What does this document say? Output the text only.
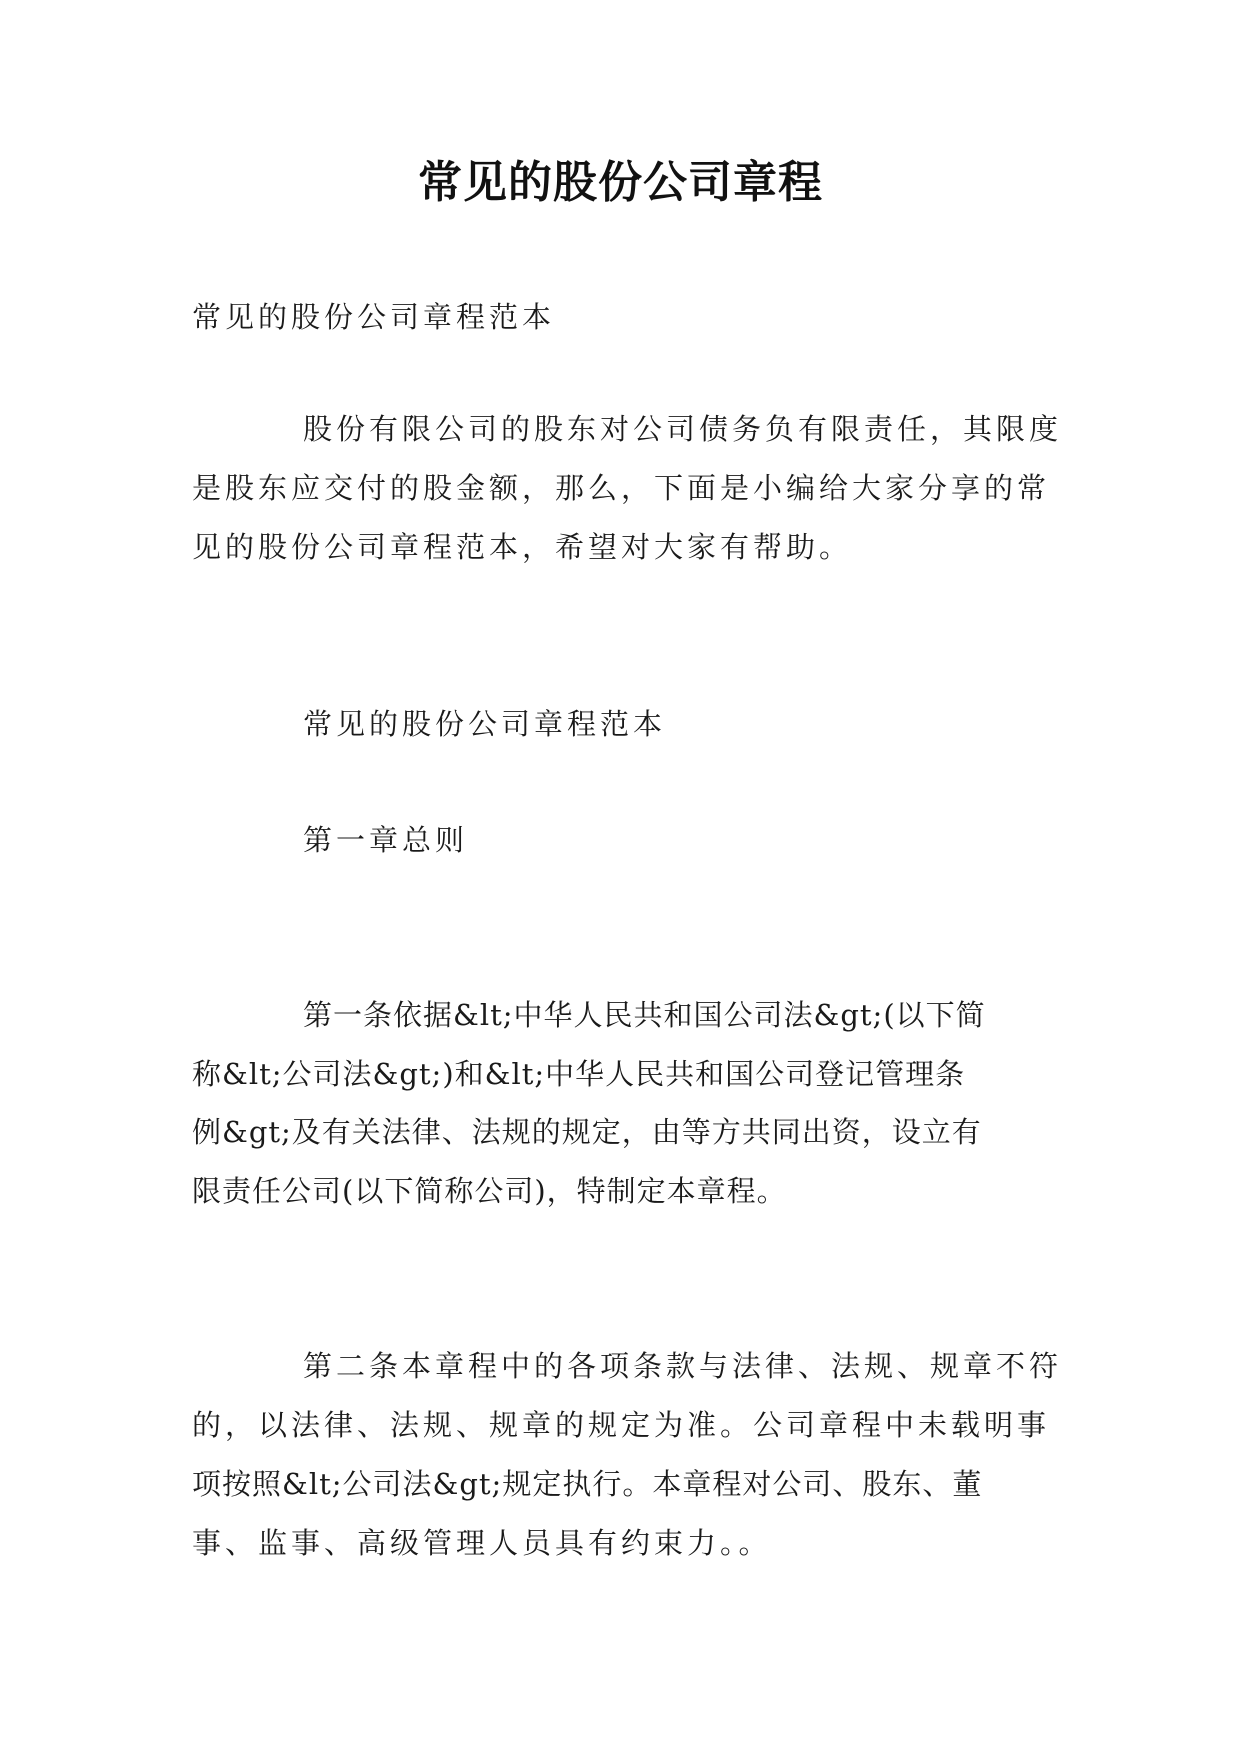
常见的股份公司章程
常见的股份公司章程范本
股份有限公司的股东对公司债务负有限责任，其限度
是股东应交付的股金额，那么，下面是小编给大家分享的常
见的股份公司章程范本，希望对大家有帮助。
常见的股份公司章程范本
第一章总则
第一条依据&lt;中华人民共和国公司法&gt;(以下简
称&lt;公司法&gt;)和&lt;中华人民共和国公司登记管理条
例&gt;及有关法律、法规的规定，由等方共同出资，设立有
限责任公司(以下简称公司)，特制定本章程。
第二条本章程中的各项条款与法律、法规、规章不符
的，以法律、法规、规章的规定为准。公司章程中未载明事
项按照&lt;公司法&gt;规定执行。本章程对公司、股东、董
事、监事、高级管理人员具有约束力。。
